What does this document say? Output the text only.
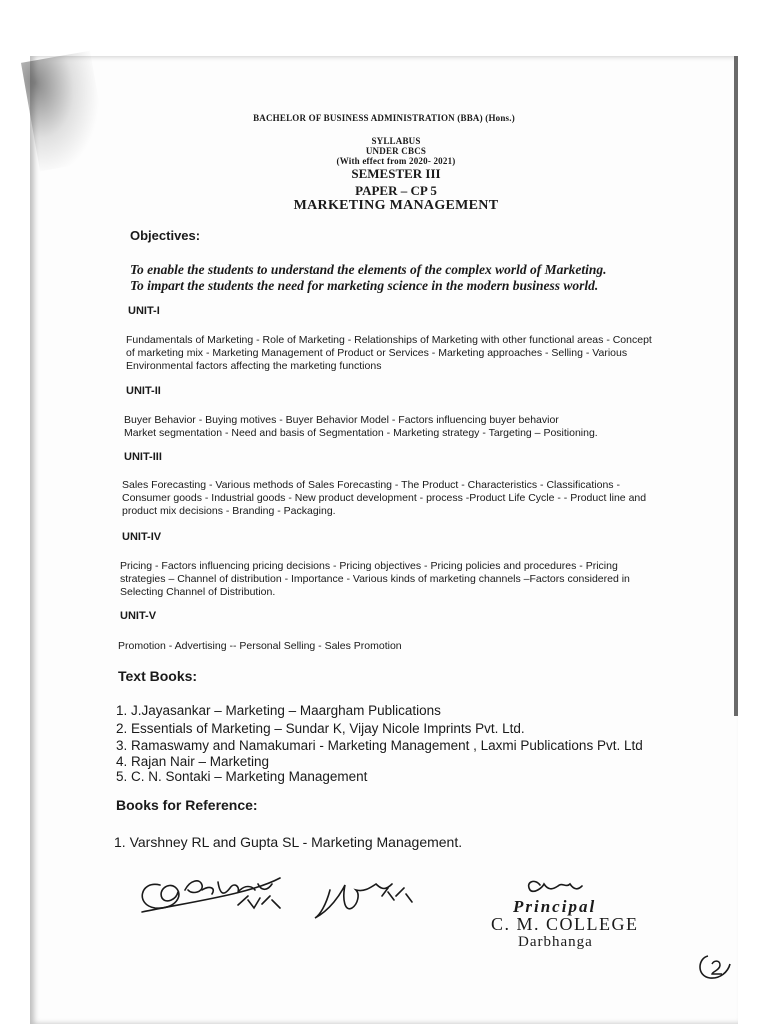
BACHELOR OF BUSINESS ADMINISTRATION (BBA) (Hons.)
SYLLABUS
UNDER CBCS
(With effect from 2020- 2021)
SEMESTER III
PAPER – CP 5
MARKETING MANAGEMENT
Objectives:
To enable the students to understand the elements of the complex world of Marketing.
To impart the students the need for marketing science in the modern business world.
UNIT-I
Fundamentals of Marketing - Role of Marketing - Relationships of Marketing with other functional areas - Concept
of marketing mix - Marketing Management of Product or Services - Marketing approaches - Selling - Various
Environmental factors affecting the marketing functions
UNIT-II
Buyer Behavior - Buying motives - Buyer Behavior Model - Factors influencing buyer behavior
Market segmentation - Need and basis of Segmentation - Marketing strategy - Targeting – Positioning.
UNIT-III
Sales Forecasting - Various methods of Sales Forecasting - The Product - Characteristics - Classifications -
Consumer goods - Industrial goods - New product development - process -Product Life Cycle - - Product line and
product mix decisions - Branding - Packaging.
UNIT-IV
Pricing - Factors influencing pricing decisions - Pricing objectives - Pricing policies and procedures - Pricing
strategies – Channel of distribution - Importance - Various kinds of marketing channels –Factors considered in
Selecting Channel of Distribution.
UNIT-V
Promotion - Advertising -- Personal Selling - Sales Promotion
Text Books:
1. J.Jayasankar – Marketing – Maargham Publications
2. Essentials of Marketing – Sundar K, Vijay Nicole Imprints Pvt. Ltd.
3. Ramaswamy and Namakumari - Marketing Management , Laxmi Publications Pvt. Ltd
4. Rajan Nair – Marketing
5. C. N. Sontaki – Marketing Management
Books for Reference:
1. Varshney RL and Gupta SL - Marketing Management.
Principal
C. M. COLLEGE
Darbhanga
